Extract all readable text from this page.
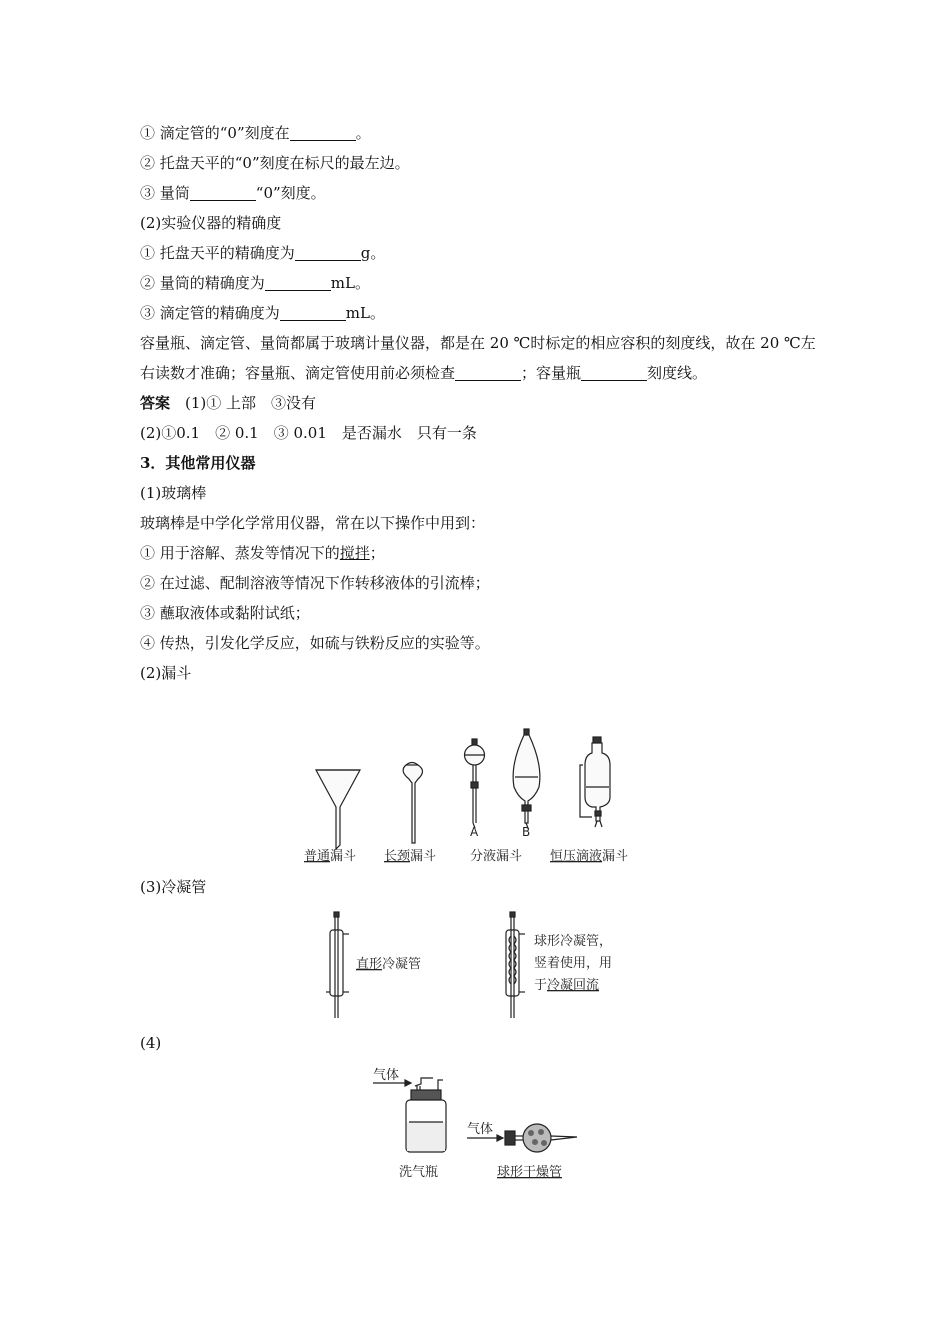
① 滴定管的“0”刻度在	。
② 托盘天平的“0”刻度在标尺的最左边。
③ 量筒	“0”刻度。
(2)实验仪器的精确度
① 托盘天平的精确度为	g。
② 量筒的精确度为	mL。
③ 滴定管的精确度为	mL。
容量瓶、滴定管、量筒都属于玻璃计量仪器，都是在 20 ℃时标定的相应容积的刻度线，故在 20 ℃左右读数才准确；容量瓶、滴定管使用前必须检查	；容量瓶	刻度线。
答案　 (1)① 上部　③没有
(2)①0.1　② 0.1　③ 0.01　是否漏水　只有一条
3．其他常用仪器
(1)玻璃棒
玻璃棒是中学化学常用仪器，常在以下操作中用到：
① 用于溶解、蒸发等情况下的搅拌；
② 在过滤、配制溶液等情况下作转移液体的引流棒；
③ 蘸取液体或黏附试纸；
④ 传热，引发化学反应，如硫与铁粉反应的实验等。
(2)漏斗
A	B
普通漏斗 长颈漏斗	分液漏斗 恒压滴液漏斗
(3)冷凝管
直形冷凝管
球形冷凝管，
竖着使用，用
于冷凝回流
(4)
气体
洗气瓶
气体
球形干燥管
